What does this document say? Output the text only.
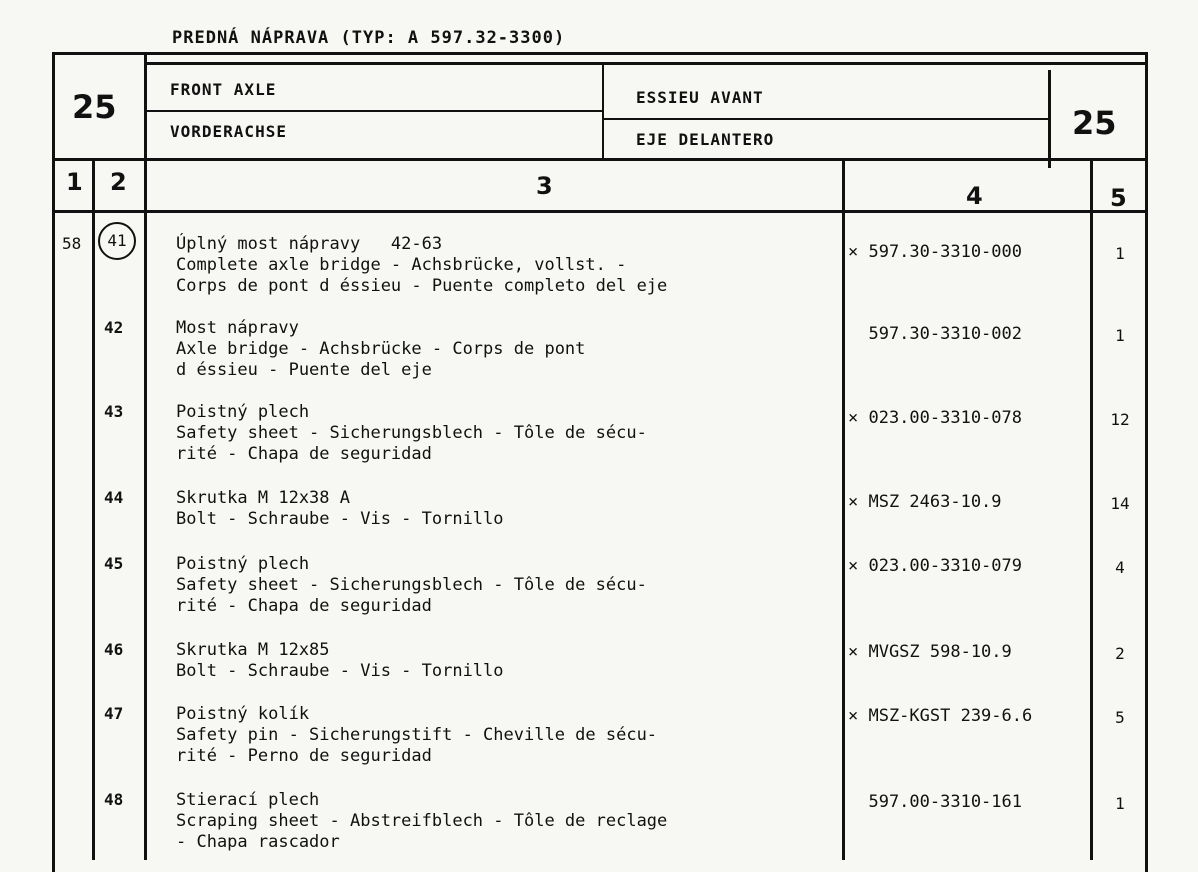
PREDNÁ NÁPRAVA (TYP: A 597.32-3300)
25	25
FRONT AXLE
VORDERACHSE
ESSIEU AVANT
EJE DELANTERO
1 2	3	4	5
58	41	Úplný most nápravy   42-63
Complete axle bridge - Achsbrücke, vollst. -
Corps de pont d éssieu - Puente completo del eje
× 597.30-3310-000	1
42	Most nápravy
Axle bridge - Achsbrücke - Corps de pont
d éssieu - Puente del eje
597.30-3310-002	1
43	Poistný plech
Safety sheet - Sicherungsblech - Tôle de sécu-
rité - Chapa de seguridad
× 023.00-3310-078	12
44	Skrutka M 12x38 A
Bolt - Schraube - Vis - Tornillo
× MSZ 2463-10.9	14
45	Poistný plech
Safety sheet - Sicherungsblech - Tôle de sécu-
rité - Chapa de seguridad
× 023.00-3310-079	4
46	Skrutka M 12x85
Bolt - Schraube - Vis - Tornillo
× MVGSZ 598-10.9	2
47	Poistný kolík
Safety pin - Sicherungstift - Cheville de sécu-
rité - Perno de seguridad
× MSZ-KGST 239-6.6	5
48	Stierací plech
Scraping sheet - Abstreifblech - Tôle de reclage
- Chapa rascador
597.00-3310-161	1
